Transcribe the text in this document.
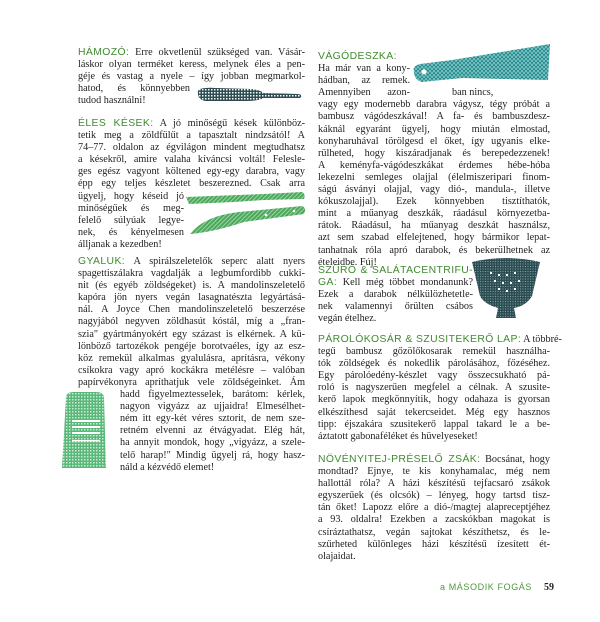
NÖVÉNYITEJ-PRÉSELŐ ZSÁK: Bocsánat, hogy
mondtad? Ejnye, te kis konyhamalac, még nem
hallottál róla? A házi készítésű tejfacsaró zsákok
egyszerűek (és olcsók) – lényeg, hogy tartsd tisz-
tán őket! Lapozz előre a dió-/magtej alapreceptjéhez
a 93. oldalra! Ezekben a zacskókban magokat is
csíráztathatsz, vegán sajtokat készíthetsz, és le-
szűrheted különleges házi készítésű ízesített ét-
olajaidat.
PÁROLÓKOSÁR & SZUSITEKERŐ LAP: A többré-
tegű bambusz gőzölőkosarak remekül használha-
tók zöldségek és nokedlik párolásához, főzéséhez.
Egy párolóedény-készlet vagy összecsukható pá-
roló is nagyszerűen megfelel a célnak. A szusite-
kerő lapok megkönnyítik, hogy odahaza is gyorsan
elkészíthesd saját tekercseidet. Még egy hasznos
tipp: éjszakára szusitekerő lappal takard le a be-
áztatott gabonaféléket és hüvelyeseket!
SZŰRŐ & SALÁTACENTRIFU-
GA: Kell még többet mondanunk?
Ezek a darabok nélkülözhetetle-
nek valamennyi őrülten csábos
vegán ételhez.
VÁGÓDESZKA:
Ha már van a kony-
hádban, az remek.
Amennyiben azon-	ban nincs,
vagy egy modernebb darabra vágysz, tégy próbát a
bambusz vágódeszkával! A fa- és bambuszdesz-
káknál egyaránt ügyelj, hogy miután elmostad,
konyharuhával törölgesd el őket, így ugyanis elke-
rülheted, hogy kiszáradjanak és berepedezzenek!
A keményfa-vágódeszkákat érdemes hébe-hóba
lekezelni semleges olajjal (élelmiszeripari finom-
ságú ásványi olajjal, vagy dió-, mandula-, illetve
kókuszolajjal). Ezek könnyebben tisztíthatók,
mint a műanyag deszkák, ráadásul környezetba-
rátok. Ráadásul, ha műanyag deszkát használsz,
azt sem szabad elfelejtened, hogy bármikor lepat-
tanhatnak róla apró darabok, és bekerülhetnek az
ételeidbe. Fúj!
GYALUK: A spirálszeletelők seperc alatt nyers
spagettiszálakra vagdalják a legbumfordibb cukki-
nit (és egyéb zöldségeket) is. A mandolinszeletelő
kapóra jön nyers vegán lasagnatészta legyártásá-
nál. A Joyce Chen mandolinszeletelő beszerzése
nagyjából negyven zöldhasút kóstál, míg a „fran-
szia" gyártmányokért egy százast is elkérnek. A kü-
lönböző tartozékok pengéje borotvaéles, így az esz-
köz remekül alkalmas gyalulásra, aprításra, vékony
csíkokra vagy apró kockákra metélésre – valóban
papírvékonyra apríthatjuk vele zöldségeinket. Ám
hadd figyelmeztesselek, barátom: kérlek,
nagyon vigyázz az ujjaidra! Elmesélhet-
ném itt egy-két véres sztorit, de nem sze-
retném elvenni az étvágyadat. Elég hát,
ha annyit mondok, hogy „vigyázz, a szele-
telő harap!" Mindig ügyelj rá, hogy hasz-
náld a kézvédő elemet!
ÉLES KÉSEK: A jó minőségű kések különböz-
tetik meg a zöldfülűt a tapasztalt nindzsától! A
74–77. oldalon az égvilágon mindent megtudhatsz
a késekről, amire valaha kíváncsi voltál! Felesle-
ges egész vagyont költened egy-egy darabra, vagy
épp egy teljes készletet beszerezned. Csak arra
ügyelj, hogy késeid jó
minőségűek és meg-
felelő súlyúak legye-
nek, és kényelmesen
álljanak a kezedben!
HÁMOZÓ: Erre okvetlenül szükséged van. Vásár-
láskor olyan terméket keress, melynek éles a pen-
géje és vastag a nyele – így jobban megmarkol-
hatod, és könnyebben
tudod használni!
a MÁSODIK FOGÁS 59
